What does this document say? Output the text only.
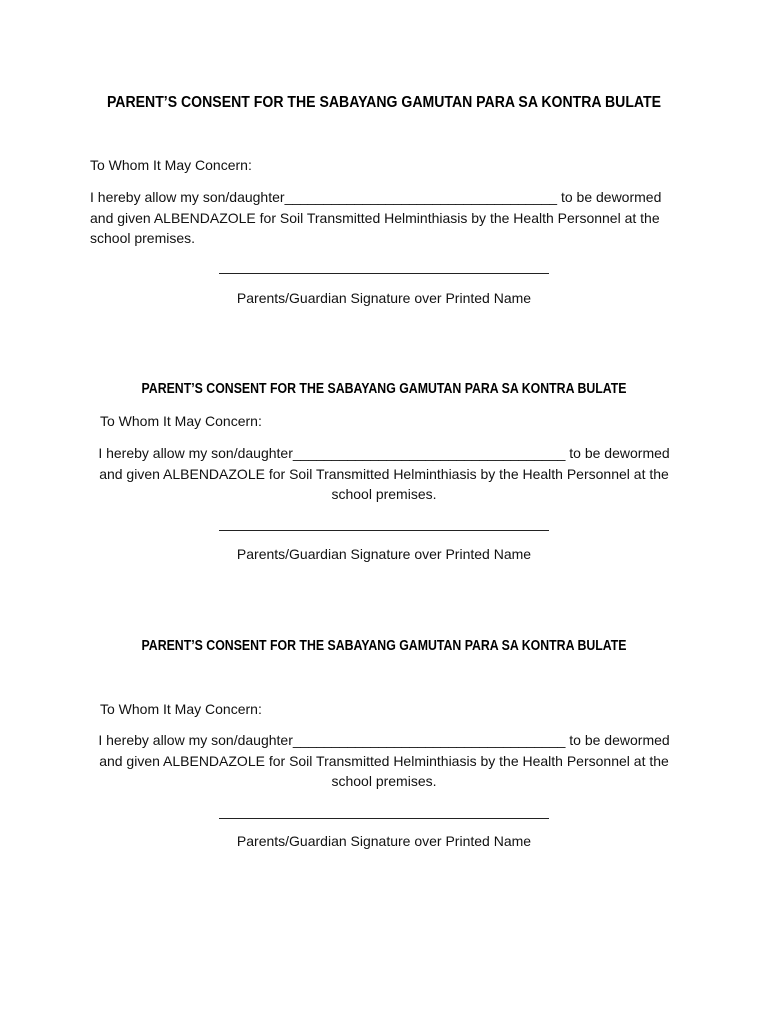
PARENT’S CONSENT FOR THE SABAYANG GAMUTAN PARA SA KONTRA BULATE
To Whom It May Concern:
I hereby allow my son/daughter___________________________________ to be dewormed and given ALBENDAZOLE for Soil Transmitted Helminthiasis by the Health Personnel at the school premises.
Parents/Guardian Signature over Printed Name
PARENT’S CONSENT FOR THE SABAYANG GAMUTAN PARA SA KONTRA BULATE
To Whom It May Concern:
I hereby allow my son/daughter___________________________________ to be dewormed and given ALBENDAZOLE for Soil Transmitted Helminthiasis by the Health Personnel at the school premises.
Parents/Guardian Signature over Printed Name
PARENT’S CONSENT FOR THE SABAYANG GAMUTAN PARA SA KONTRA BULATE
To Whom It May Concern:
I hereby allow my son/daughter___________________________________ to be dewormed and given ALBENDAZOLE for Soil Transmitted Helminthiasis by the Health Personnel at the school premises.
Parents/Guardian Signature over Printed Name
